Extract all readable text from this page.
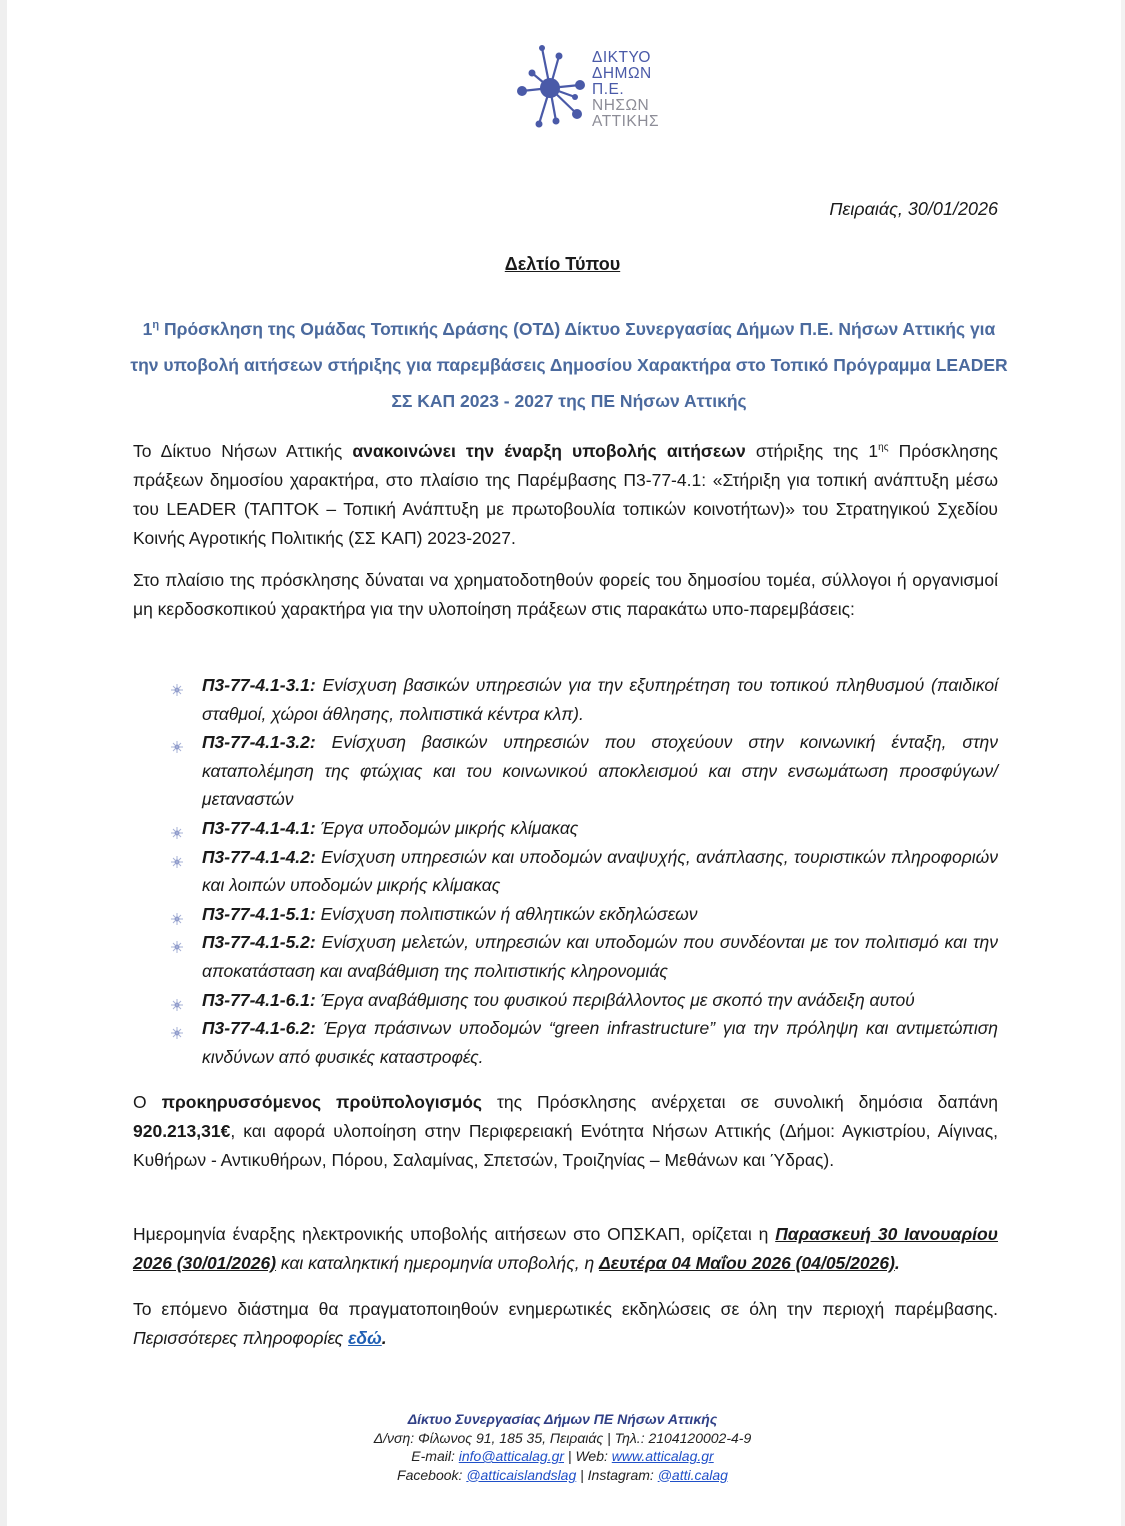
ΔΙΚΤΥΟ
ΔΗΜΩΝ
Π.Ε.
ΝΗΣΩΝ
ΑΤΤΙΚΗΣ
Πειραιάς, 30/01/2026
Δελτίο Τύπου
$1^\eta$ Πρόσκληση της Ομάδας Τοπικής Δράσης (ΟΤΔ) Δίκτυο Συνεργασίας Δήμων Π.Ε. Νήσων Αττικής για την υποβολή αιτήσεων στήριξης για παρεμβάσεις Δημοσίου Χαρακτήρα στο Τοπικό Πρόγραμμα LEADER ΣΣ ΚΑΠ 2023 - 2027 της ΠΕ Νήσων Αττικής
Το Δίκτυο Νήσων Αττικής ανακοινώνει την έναρξη υποβολής αιτήσεων στήριξης της $1^{\eta\varsigma}$ Πρόσκλησης πράξεων δημοσίου χαρακτήρα, στο πλαίσιο της Παρέμβασης Π3-77-4.1: «Στήριξη για τοπική ανάπτυξη μέσω του LEADER (ΤΑΠΤΟΚ – Τοπική Ανάπτυξη με πρωτοβουλία τοπικών κοινοτήτων)» του Στρατηγικού Σχεδίου Κοινής Αγροτικής Πολιτικής (ΣΣ ΚΑΠ) 2023-2027.
Στο πλαίσιο της πρόσκλησης δύναται να χρηματοδοτηθούν φορείς του δημοσίου τομέα, σύλλογοι ή οργανισμοί μη κερδοσκοπικού χαρακτήρα για την υλοποίηση πράξεων στις παρακάτω υπο-παρεμβάσεις:
Π3-77-4.1-3.1: Ενίσχυση βασικών υπηρεσιών για την εξυπηρέτηση του τοπικού πληθυσμού (παιδικοί σταθμοί, χώροι άθλησης, πολιτιστικά κέντρα κλπ).
Π3-77-4.1-3.2: Ενίσχυση βασικών υπηρεσιών που στοχεύουν στην κοινωνική ένταξη, στην καταπολέμηση της φτώχιας και του κοινωνικού αποκλεισμού και στην ενσωμάτωση προσφύγων/μεταναστών
Π3-77-4.1-4.1: Έργα υποδομών μικρής κλίμακας
Π3-77-4.1-4.2: Ενίσχυση υπηρεσιών και υποδομών αναψυχής, ανάπλασης, τουριστικών πληροφοριών και λοιπών υποδομών μικρής κλίμακας
Π3-77-4.1-5.1: Ενίσχυση πολιτιστικών ή αθλητικών εκδηλώσεων
Π3-77-4.1-5.2: Ενίσχυση μελετών, υπηρεσιών και υποδομών που συνδέονται με τον πολιτισμό και την αποκατάσταση και αναβάθμιση της πολιτιστικής κληρονομιάς
Π3-77-4.1-6.1: Έργα αναβάθμισης του φυσικού περιβάλλοντος με σκοπό την ανάδειξη αυτού
Π3-77-4.1-6.2: Έργα πράσινων υποδομών “green infrastructure” για την πρόληψη και αντιμετώπιση κινδύνων από φυσικές καταστροφές.
Ο προκηρυσσόμενος προϋπολογισμός της Πρόσκλησης ανέρχεται σε συνολική δημόσια δαπάνη 920.213,31€, και αφορά υλοποίηση στην Περιφερειακή Ενότητα Νήσων Αττικής (Δήμοι: Αγκιστρίου, Αίγινας, Κυθήρων - Αντικυθήρων, Πόρου, Σαλαμίνας, Σπετσών, Τροιζηνίας – Μεθάνων και Ύδρας).
Ημερομηνία έναρξης ηλεκτρονικής υποβολής αιτήσεων στο ΟΠΣΚΑΠ, ορίζεται η Παρασκευή 30 Ιανουαρίου 2026 (30/01/2026) και καταληκτική ημερομηνία υποβολής, η Δευτέρα 04 Μαΐου 2026 (04/05/2026).
Το επόμενο διάστημα θα πραγματοποιηθούν ενημερωτικές εκδηλώσεις σε όλη την περιοχή παρέμβασης. Περισσότερες πληροφορίες εδώ.
Δίκτυο Συνεργασίας Δήμων ΠΕ Νήσων Αττικής
Δ/νση: Φίλωνος 91, 185 35, Πειραιάς | Τηλ.: 2104120002-4-9
E-mail: info@atticalag.gr | Web: www.atticalag.gr
Facebook: @atticaislandslag | Instagram: @atti.calag
